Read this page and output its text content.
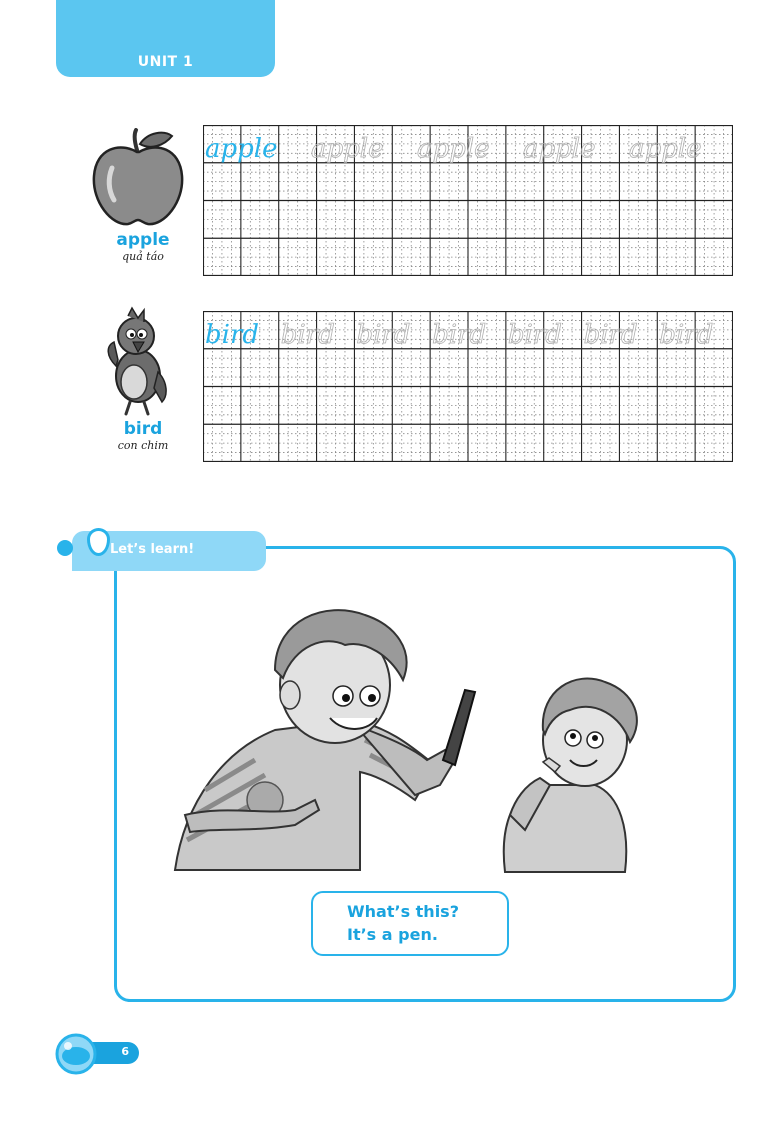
UNIT 1
apple
quả táo
apple apple apple apple apple
bird
con chim
bird bird bird bird bird bird bird
Let’s learn!
What’s this?
It’s a pen.
6
